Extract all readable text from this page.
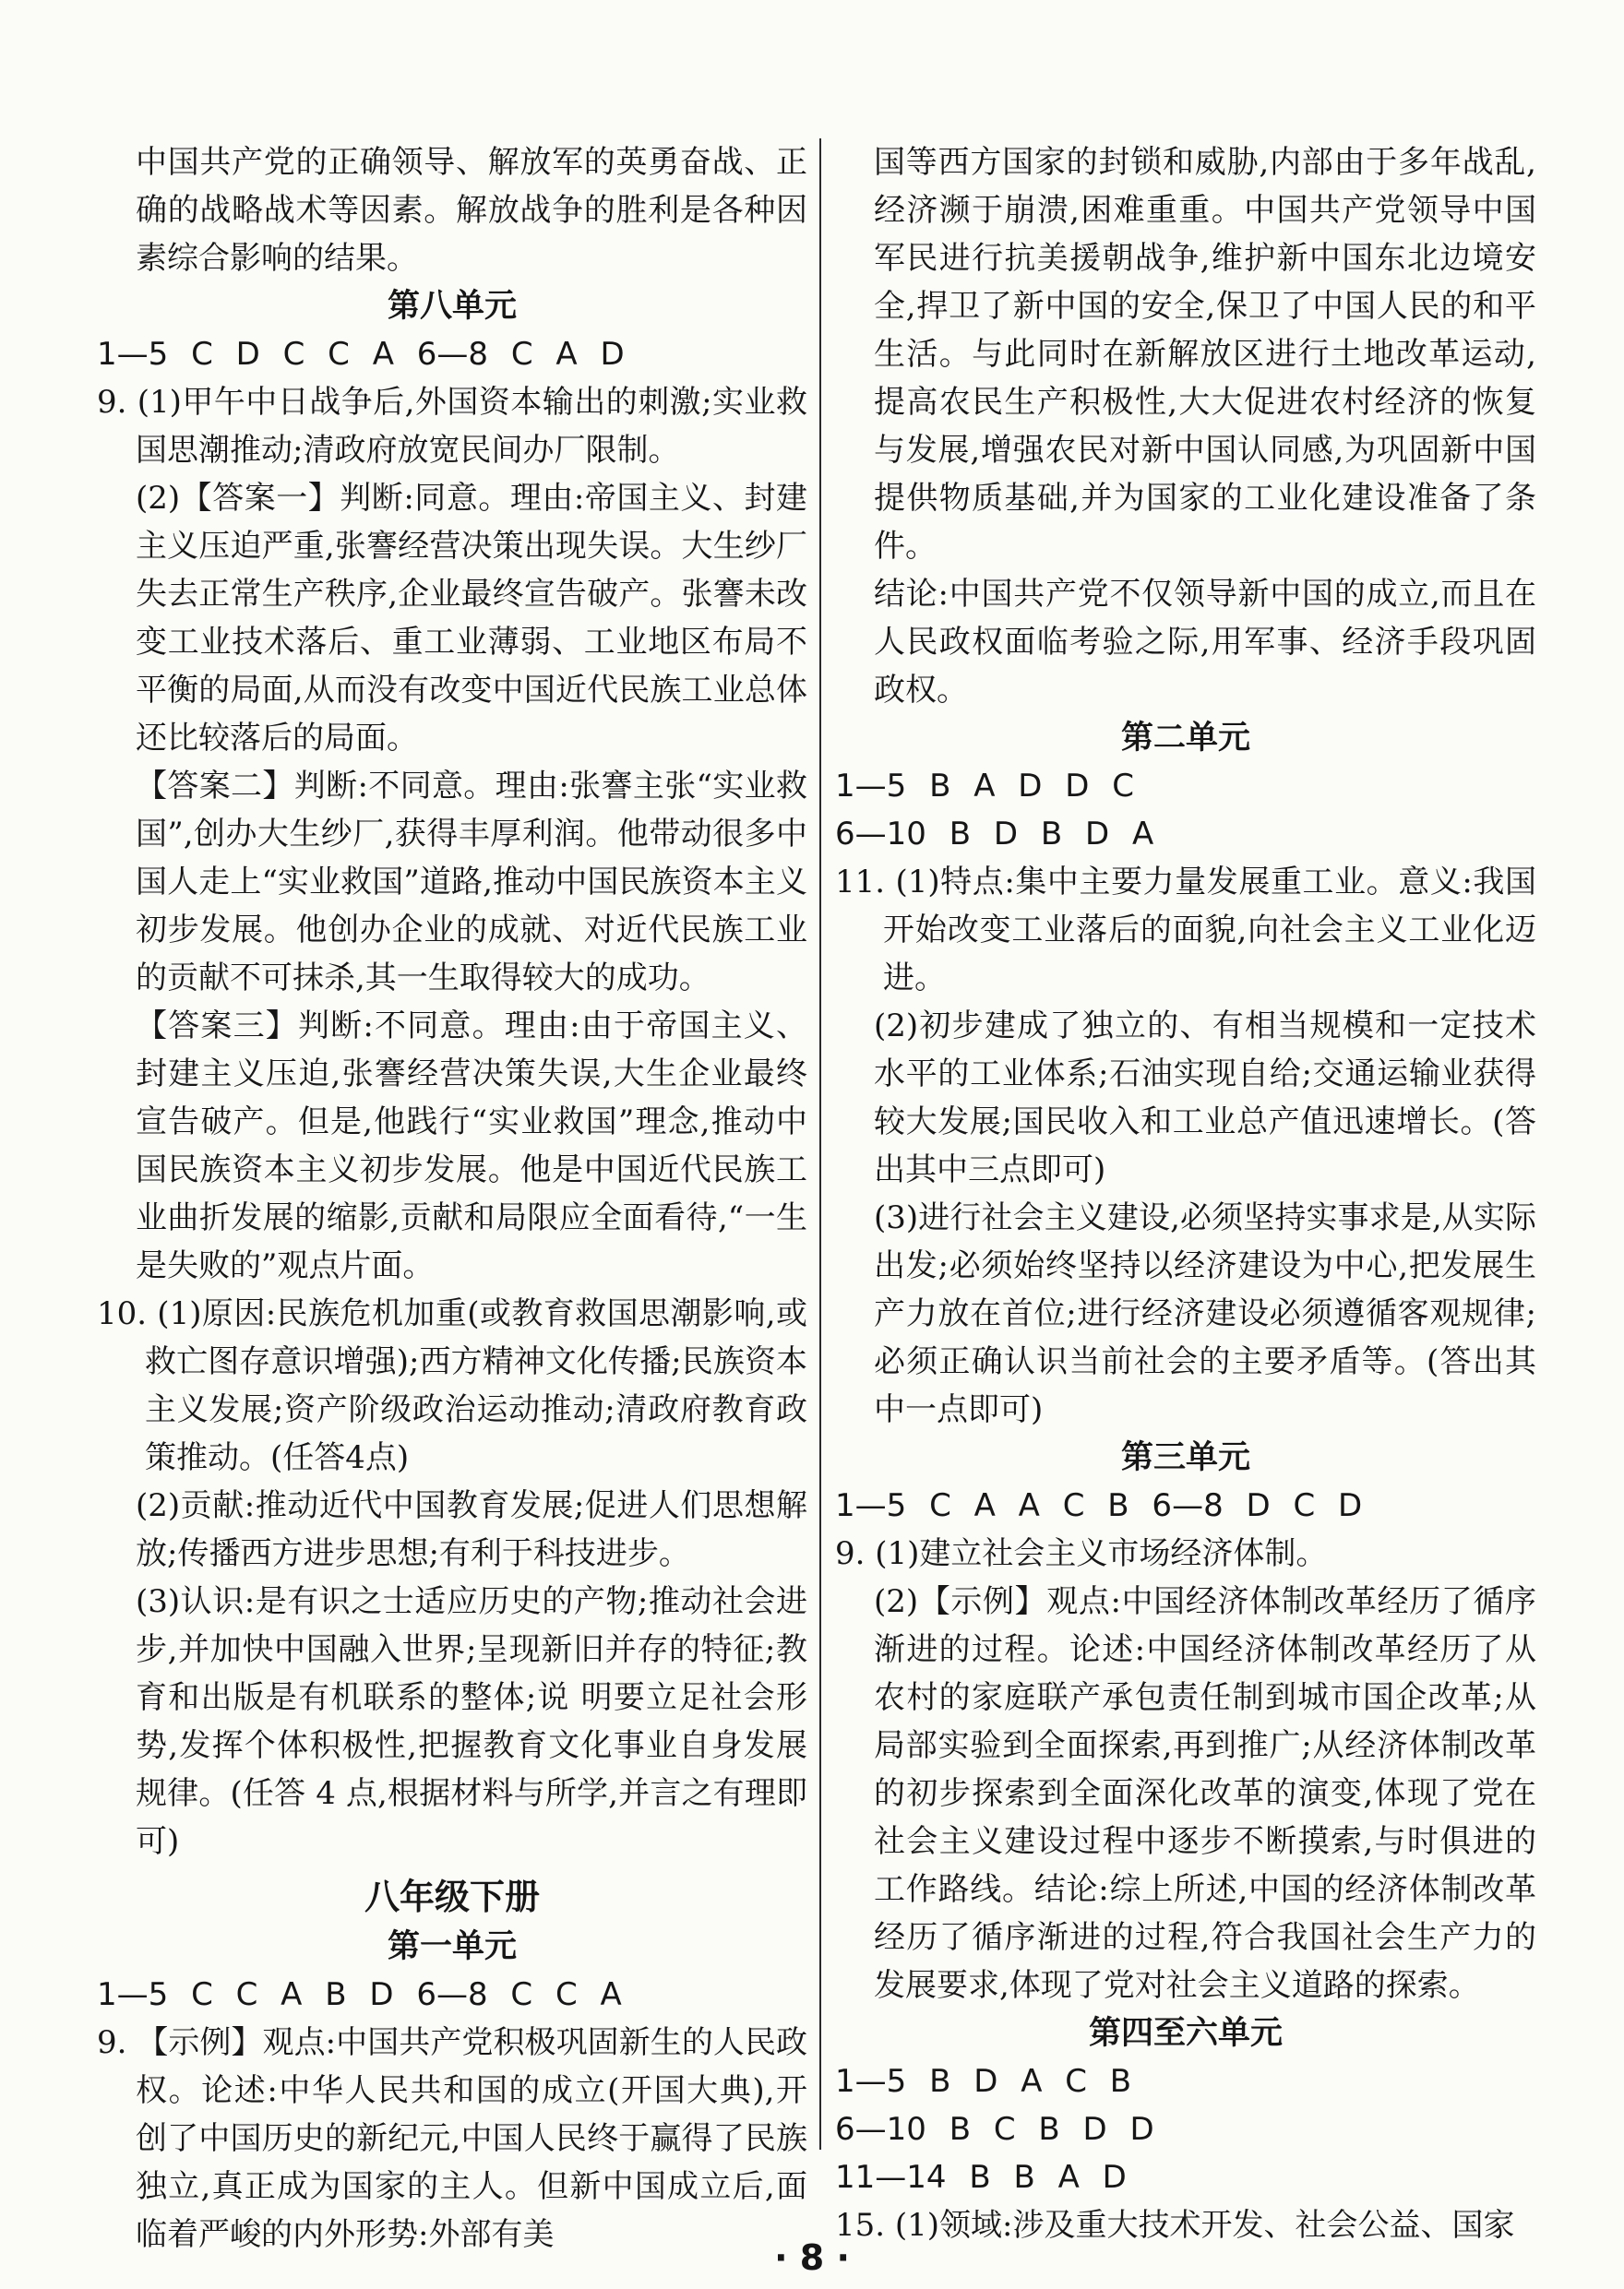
中国共产党的正确领导、解放军的英勇奋战、正确的战略战术等因素。解放战争的胜利是各种因素综合影响的结果。

第八单元

1—5 C D C C A 6—8 C A D

9. (1)甲午中日战争后,外国资本输出的刺激;实业救国思潮推动;清政府放宽民间办厂限制。

(2)【答案一】判断:同意。理由:帝国主义、封建主义压迫严重,张謇经营决策出现失误。大生纱厂失去正常生产秩序,企业最终宣告破产。张謇未改变工业技术落后、重工业薄弱、工业地区布局不平衡的局面,从而没有改变中国近代民族工业总体还比较落后的局面。

【答案二】判断:不同意。理由:张謇主张“实业救国”,创办大生纱厂,获得丰厚利润。他带动很多中国人走上“实业救国”道路,推动中国民族资本主义初步发展。他创办企业的成就、对近代民族工业的贡献不可抹杀,其一生取得较大的成功。

【答案三】判断:不同意。理由:由于帝国主义、封建主义压迫,张謇经营决策失误,大生企业最终宣告破产。但是,他践行“实业救国”理念,推动中国民族资本主义初步发展。他是中国近代民族工业曲折发展的缩影,贡献和局限应全面看待,“一生是失败的”观点片面。

10. (1)原因:民族危机加重(或教育救国思潮影响,或救亡图存意识增强);西方精神文化传播;民族资本主义发展;资产阶级政治运动推动;清政府教育政策推动。(任答4点)

(2)贡献:推动近代中国教育发展;促进人们思想解放;传播西方进步思想;有利于科技进步。

(3)认识:是有识之士适应历史的产物;推动社会进步,并加快中国融入世界;呈现新旧并存的特征;教育和出版是有机联系的整体;说 明要立足社会形势,发挥个体积极性,把握教育文化事业自身发展规律。(任答 4 点,根据材料与所学,并言之有理即可)

八年级下册

第一单元

1—5 C C A B D 6—8 C C A

9. 【示例】观点:中国共产党积极巩固新生的人民政权。论述:中华人民共和国的成立(开国大典),开创了中国历史的新纪元,中国人民终于赢得了民族独立,真正成为国家的主人。但新中国成立后,面临着严峻的内外形势:外部有美

国等西方国家的封锁和威胁,内部由于多年战乱,经济濒于崩溃,困难重重。中国共产党领导中国军民进行抗美援朝战争,维护新中国东北边境安全,捍卫了新中国的安全,保卫了中国人民的和平生活。与此同时在新解放区进行土地改革运动,提高农民生产积极性,大大促进农村经济的恢复与发展,增强农民对新中国认同感,为巩固新中国提供物质基础,并为国家的工业化建设准备了条件。

结论:中国共产党不仅领导新中国的成立,而且在人民政权面临考验之际,用军事、经济手段巩固政权。

第二单元

1—5 B A D D C

6—10 B D B D A

11. (1)特点:集中主要力量发展重工业。意义:我国开始改变工业落后的面貌,向社会主义工业化迈进。

(2)初步建成了独立的、有相当规模和一定技术水平的工业体系;石油实现自给;交通运输业获得较大发展;国民收入和工业总产值迅速增长。(答出其中三点即可)

(3)进行社会主义建设,必须坚持实事求是,从实际出发;必须始终坚持以经济建设为中心,把发展生产力放在首位;进行经济建设必须遵循客观规律;必须正确认识当前社会的主要矛盾等。(答出其中一点即可)

第三单元

1—5 C A A C B 6—8 D C D

9. (1)建立社会主义市场经济体制。

(2)【示例】观点:中国经济体制改革经历了循序渐进的过程。论述:中国经济体制改革经历了从农村的家庭联产承包责任制到城市国企改革;从局部实验到全面探索,再到推广;从经济体制改革的初步探索到全面深化改革的演变,体现了党在社会主义建设过程中逐步不断摸索,与时俱进的工作路线。结论:综上所述,中国的经济体制改革经历了循序渐进的过程,符合我国社会生产力的发展要求,体现了党对社会主义道路的探索。

第四至六单元

1—5 B D A C B

6—10 B C B D D

11—14 B B A D

15. (1)领域:涉及重大技术开发、社会公益、国家

· 8 ·
